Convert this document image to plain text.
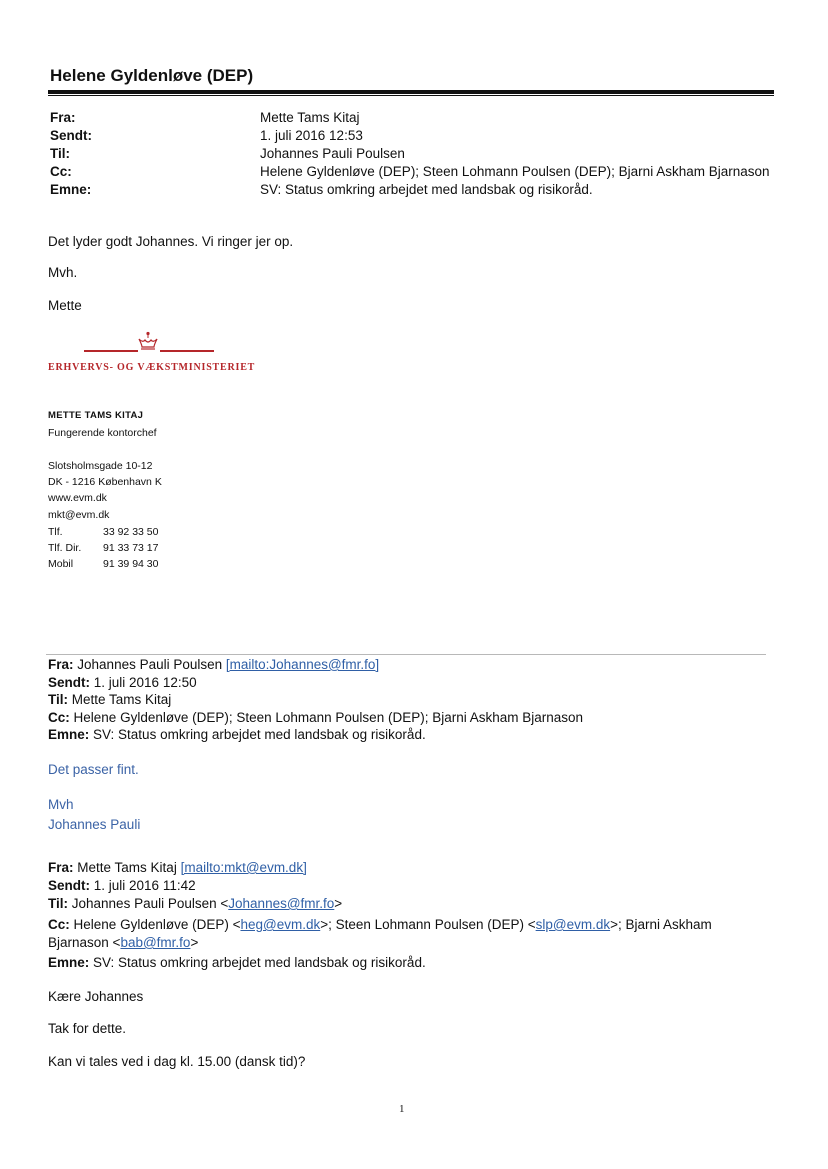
Helene Gyldenløve (DEP)
Fra:	Mette Tams Kitaj
Sendt:	1. juli 2016 12:53
Til:	Johannes Pauli Poulsen
Cc:	Helene Gyldenløve (DEP); Steen Lohmann Poulsen (DEP); Bjarni Askham Bjarnason
Emne:	SV: Status omkring arbejdet med landsbak og risikoråd.
Det lyder godt Johannes. Vi ringer jer op.
Mvh.
Mette
ERHVERVS- OG VÆKSTMINISTERIET
METTE TAMS KITAJ
Fungerende kontorchef
Slotsholmsgade 10-12
DK - 1216 København K
www.evm.dk
mkt@evm.dk
Tlf.	33 92 33 50
Tlf. Dir. 91 33 73 17
Mobil	91 39 94 30
Fra: Johannes Pauli Poulsen [mailto:Johannes@fmr.fo]
Sendt: 1. juli 2016 12:50
Til: Mette Tams Kitaj
Cc: Helene Gyldenløve (DEP); Steen Lohmann Poulsen (DEP); Bjarni Askham Bjarnason
Emne: SV: Status omkring arbejdet med landsbak og risikoråd.
Det passer fint.
Mvh
Johannes Pauli
Fra: Mette Tams Kitaj [mailto:mkt@evm.dk]
Sendt: 1. juli 2016 11:42
Til: Johannes Pauli Poulsen <Johannes@fmr.fo>
Cc: Helene Gyldenløve (DEP) <heg@evm.dk>; Steen Lohmann Poulsen (DEP) <slp@evm.dk>; Bjarni Askham
Bjarnason <bab@fmr.fo>
Emne: SV: Status omkring arbejdet med landsbak og risikoråd.
Kære Johannes
Tak for dette.
Kan vi tales ved i dag kl. 15.00 (dansk tid)?
1
